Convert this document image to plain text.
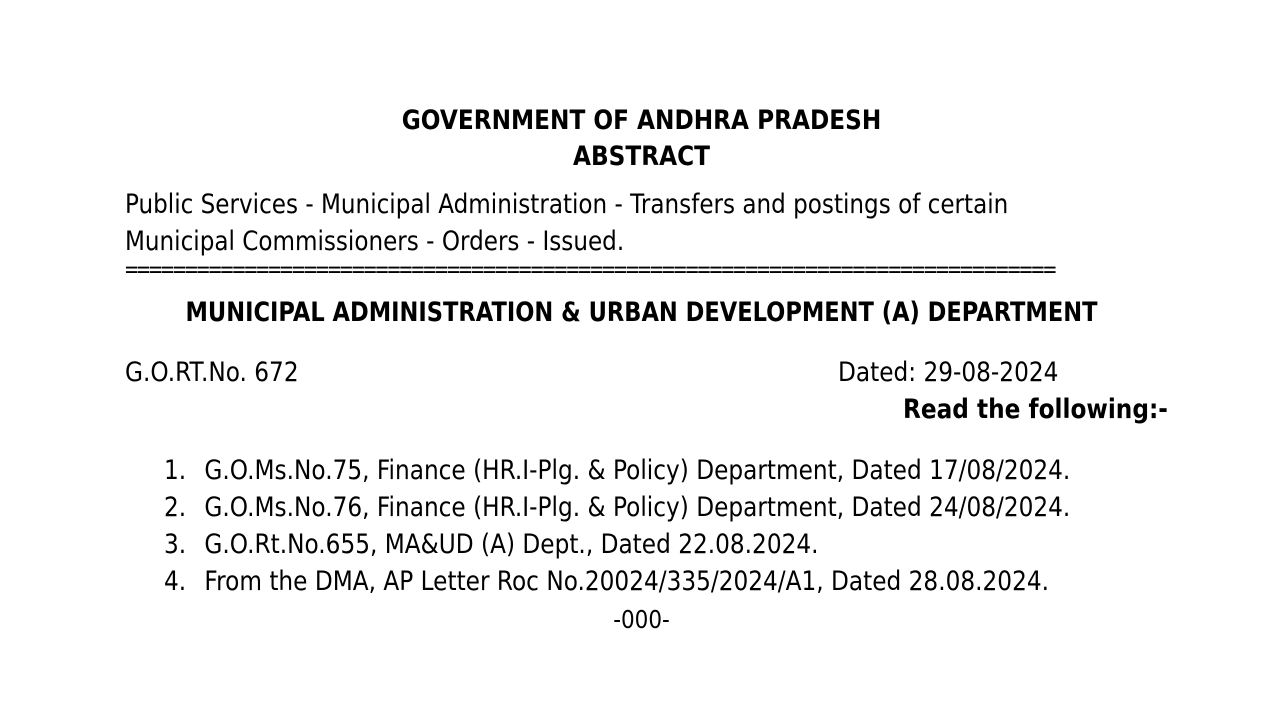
GOVERNMENT OF ANDHRA PRADESH
ABSTRACT
Public Services - Municipal Administration - Transfers and postings of certain Municipal Commissioners - Orders - Issued.
==============================================================================
MUNICIPAL ADMINISTRATION & URBAN DEVELOPMENT (A) DEPARTMENT
G.O.RT.No. 672	Dated: 29-08-2024
Read the following:-
1. G.O.Ms.No.75, Finance (HR.I-Plg. & Policy) Department, Dated 17/08/2024.
2. G.O.Ms.No.76, Finance (HR.I-Plg. & Policy) Department, Dated 24/08/2024.
3. G.O.Rt.No.655, MA&UD (A) Dept., Dated 22.08.2024.
4. From the DMA, AP Letter Roc No.20024/335/2024/A1, Dated 28.08.2024.
-000-
